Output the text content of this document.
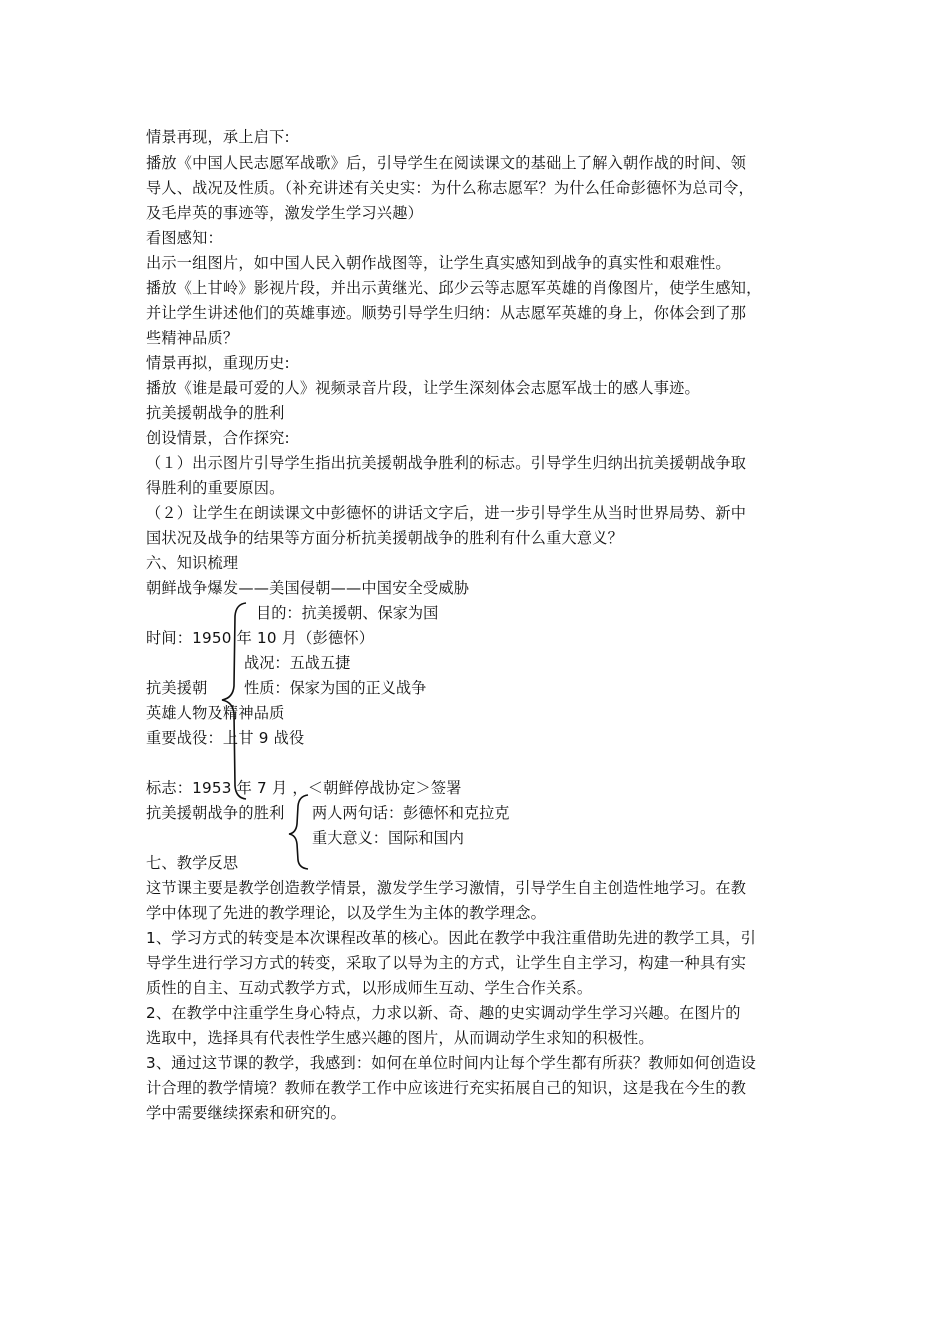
情景再现，承上启下:
播放《中国人民志愿军战歌》后，引导学生在阅读课文的基础上了解入朝作战的时间、领
导人、战况及性质。（补充讲述有关史实：为什么称志愿军？为什么任命彭德怀为总司令，
及毛岸英的事迹等，激发学生学习兴趣）
看图感知：
出示一组图片，如中国人民入朝作战图等，让学生真实感知到战争的真实性和艰难性。
播放《上甘岭》影视片段，并出示黄继光、邱少云等志愿军英雄的肖像图片，使学生感知，
并让学生讲述他们的英雄事迹。顺势引导学生归纳：从志愿军英雄的身上，你体会到了那
些精神品质？
情景再拟，重现历史:
播放《谁是最可爱的人》视频录音片段，让学生深刻体会志愿军战士的感人事迹。
抗美援朝战争的胜利
创设情景，合作探究:
（１）出示图片引导学生指出抗美援朝战争胜利的标志。引导学生归纳出抗美援朝战争取
得胜利的重要原因。
（２）让学生在朗读课文中彭德怀的讲话文字后，进一步引导学生从当时世界局势、新中
国状况及战争的结果等方面分析抗美援朝战争的胜利有什么重大意义？
六、知识梳理
朝鲜战争爆发——美国侵朝——中国安全受威胁
目的：抗美援朝、保家为国
时间：1950 年 10 月（彭德怀）
战况：五战五捷
抗美援朝 性质：保家为国的正义战争
英雄人物及精神品质
重要战役：上甘 9 战役
标志：1953 年 7 月 ，＜朝鲜停战协定＞签署
抗美援朝战争的胜利 两人两句话：彭德怀和克拉克
重大意义：国际和国内
七、教学反思
这节课主要是教学创造教学情景，激发学生学习激情，引导学生自主创造性地学习。在教
学中体现了先进的教学理论，以及学生为主体的教学理念。
1、学习方式的转变是本次课程改革的核心。因此在教学中我注重借助先进的教学工具，引
导学生进行学习方式的转变，采取了以导为主的方式，让学生自主学习，构建一种具有实
质性的自主、互动式教学方式，以形成师生互动、学生合作关系。
2、在教学中注重学生身心特点，力求以新、奇、趣的史实调动学生学习兴趣。在图片的
选取中，选择具有代表性学生感兴趣的图片，从而调动学生求知的积极性。
3、通过这节课的教学，我感到：如何在单位时间内让每个学生都有所获？教师如何创造设
计合理的教学情境？教师在教学工作中应该进行充实拓展自己的知识，这是我在今生的教
学中需要继续探索和研究的。
